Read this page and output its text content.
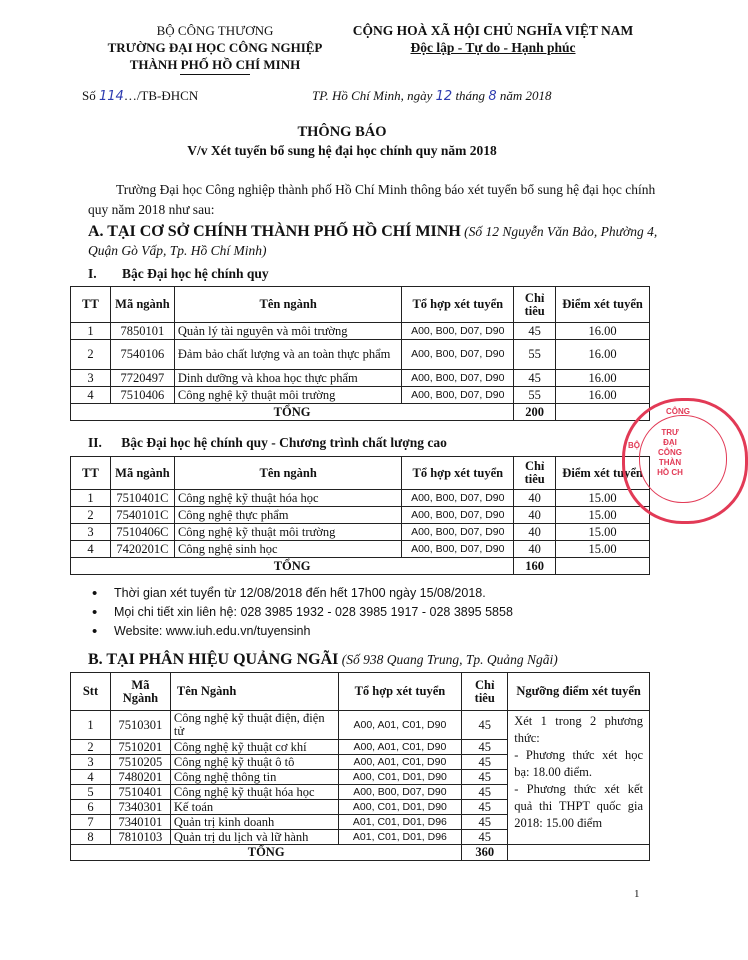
BỘ CÔNG THƯƠNG
TRƯỜNG ĐẠI HỌC CÔNG NGHIỆP
THÀNH PHỐ HỒ CHÍ MINH
CỘNG HOÀ XÃ HỘI CHỦ NGHĨA VIỆT NAM
Độc lập - Tự do - Hạnh phúc
Số 114…/TB-ĐHCN	TP. Hồ Chí Minh, ngày 12 tháng 8 năm 2018
THÔNG BÁO
V/v Xét tuyển bổ sung hệ đại học chính quy năm 2018
Trường Đại học Công nghiệp thành phố Hồ Chí Minh thông báo xét tuyển bổ sung hệ đại học chính quy năm 2018 như sau:
A. TẠI CƠ SỞ CHÍNH THÀNH PHỐ HỒ CHÍ MINH (Số 12 Nguyễn Văn Bảo, Phường 4, Quận Gò Vấp, Tp. Hồ Chí Minh)
I. Bậc Đại học hệ chính quy
TT	Mã ngành	Tên ngành	Tổ hợp xét tuyển	Chỉ tiêu	Điểm xét tuyển
1	7850101	Quản lý tài nguyên và môi trường	A00, B00, D07, D90	45	16.00
2	7540106	Đảm bảo chất lượng và an toàn thực phẩm	A00, B00, D07, D90	55	16.00
3	7720497	Dinh dưỡng và khoa học thực phẩm	A00, B00, D07, D90	45	16.00
4	7510406	Công nghệ kỹ thuật môi trường	A00, B00, D07, D90	55	16.00
TỔNG				200	
II. Bậc Đại học hệ chính quy - Chương trình chất lượng cao
TT	Mã ngành	Tên ngành	Tổ hợp xét tuyển	Chỉ tiêu	Điểm xét tuyển
1	7510401C	Công nghệ kỹ thuật hóa học	A00, B00, D07, D90	40	15.00
2	7540101C	Công nghệ thực phẩm	A00, B00, D07, D90	40	15.00
3	7510406C	Công nghệ kỹ thuật môi trường	A00, B00, D07, D90	40	15.00
4	7420201C	Công nghệ sinh học	A00, B00, D07, D90	40	15.00
TỔNG				160	
• Thời gian xét tuyển từ 12/08/2018 đến hết 17h00 ngày 15/08/2018.
• Mọi chi tiết xin liên hệ: 028 3985 1932 - 028 3985 1917 - 028 3895 5858
• Website: www.iuh.edu.vn/tuyensinh
B. TẠI PHÂN HIỆU QUẢNG NGÃI (Số 938 Quang Trung, Tp. Quảng Ngãi)
Stt	Mã Ngành	Tên Ngành	Tổ hợp xét tuyển	Chỉ tiêu	Ngưỡng điểm xét tuyển
1	7510301	Công nghệ kỹ thuật điện, điện tử	A00, A01, C01, D90	45	Xét 1 trong 2 phương thức:
- Phương thức xét học bạ: 18.00 điểm.
- Phương thức xét kết quả thi THPT quốc gia 2018: 15.00 điểm
2	7510201	Công nghệ kỹ thuật cơ khí	A00, A01, C01, D90	45	
3	7510205	Công nghệ kỹ thuật ô tô	A00, A01, C01, D90	45	
4	7480201	Công nghệ thông tin	A00, C01, D01, D90	45	
5	7510401	Công nghệ kỹ thuật hóa học	A00, B00, D07, D90	45	
6	7340301	Kế toán	A00, C01, D01, D90	45	
7	7340101	Quản trị kinh doanh	A01, C01, D01, D96	45	
8	7810103	Quản trị du lịch và lữ hành	A01, C01, D01, D96	45	
TỔNG				360	
1
CÔNG
TRƯ
ĐẠI
CÔNG
THÀN
HỒ CH
BỘ
